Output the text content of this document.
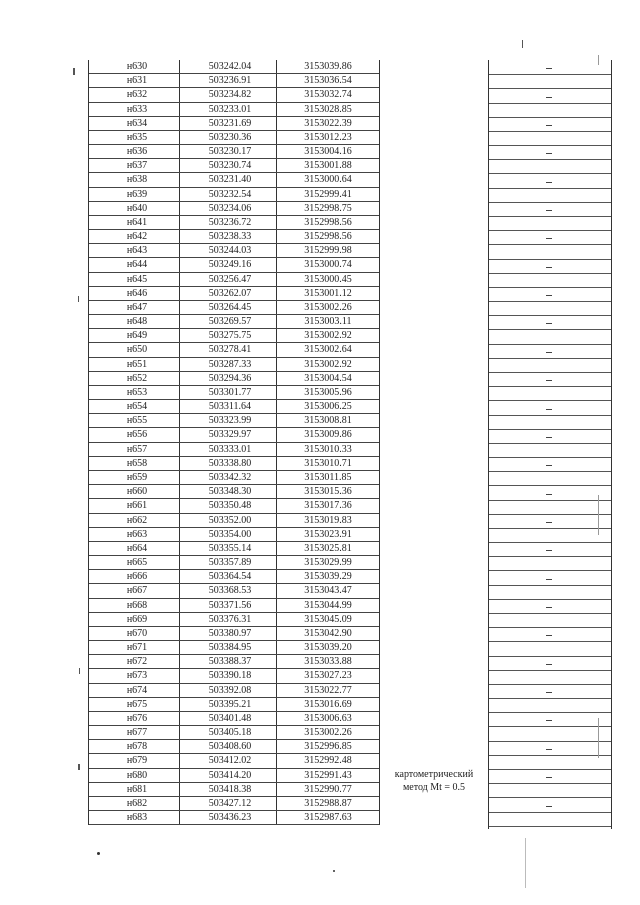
н630	503242.04	3153039.86
н631	503236.91	3153036.54
н632	503234.82	3153032.74
н633	503233.01	3153028.85
н634	503231.69	3153022.39
н635	503230.36	3153012.23
н636	503230.17	3153004.16
н637	503230.74	3153001.88
н638	503231.40	3153000.64
н639	503232.54	3152999.41
н640	503234.06	3152998.75
н641	503236.72	3152998.56
н642	503238.33	3152998.56
н643	503244.03	3152999.98
н644	503249.16	3153000.74
н645	503256.47	3153000.45
н646	503262.07	3153001.12
н647	503264.45	3153002.26
н648	503269.57	3153003.11
н649	503275.75	3153002.92
н650	503278.41	3153002.64
н651	503287.33	3153002.92
н652	503294.36	3153004.54
н653	503301.77	3153005.96
н654	503311.64	3153006.25
н655	503323.99	3153008.81
н656	503329.97	3153009.86
н657	503333.01	3153010.33
н658	503338.80	3153010.71
н659	503342.32	3153011.85
н660	503348.30	3153015.36
н661	503350.48	3153017.36
н662	503352.00	3153019.83
н663	503354.00	3153023.91
н664	503355.14	3153025.81
н665	503357.89	3153029.99
н666	503364.54	3153039.29
н667	503368.53	3153043.47
н668	503371.56	3153044.99
н669	503376.31	3153045.09
н670	503380.97	3153042.90
н671	503384.95	3153039.20
н672	503388.37	3153033.88
н673	503390.18	3153027.23
н674	503392.08	3153022.77
н675	503395.21	3153016.69
н676	503401.48	3153006.63
н677	503405.18	3153002.26
н678	503408.60	3152996.85
н679	503412.02	3152992.48
н680	503414.20	3152991.43
н681	503418.38	3152990.77
н682	503427.12	3152988.87
н683	503436.23	3152987.63
картометрический
метод Mt = 0.5
